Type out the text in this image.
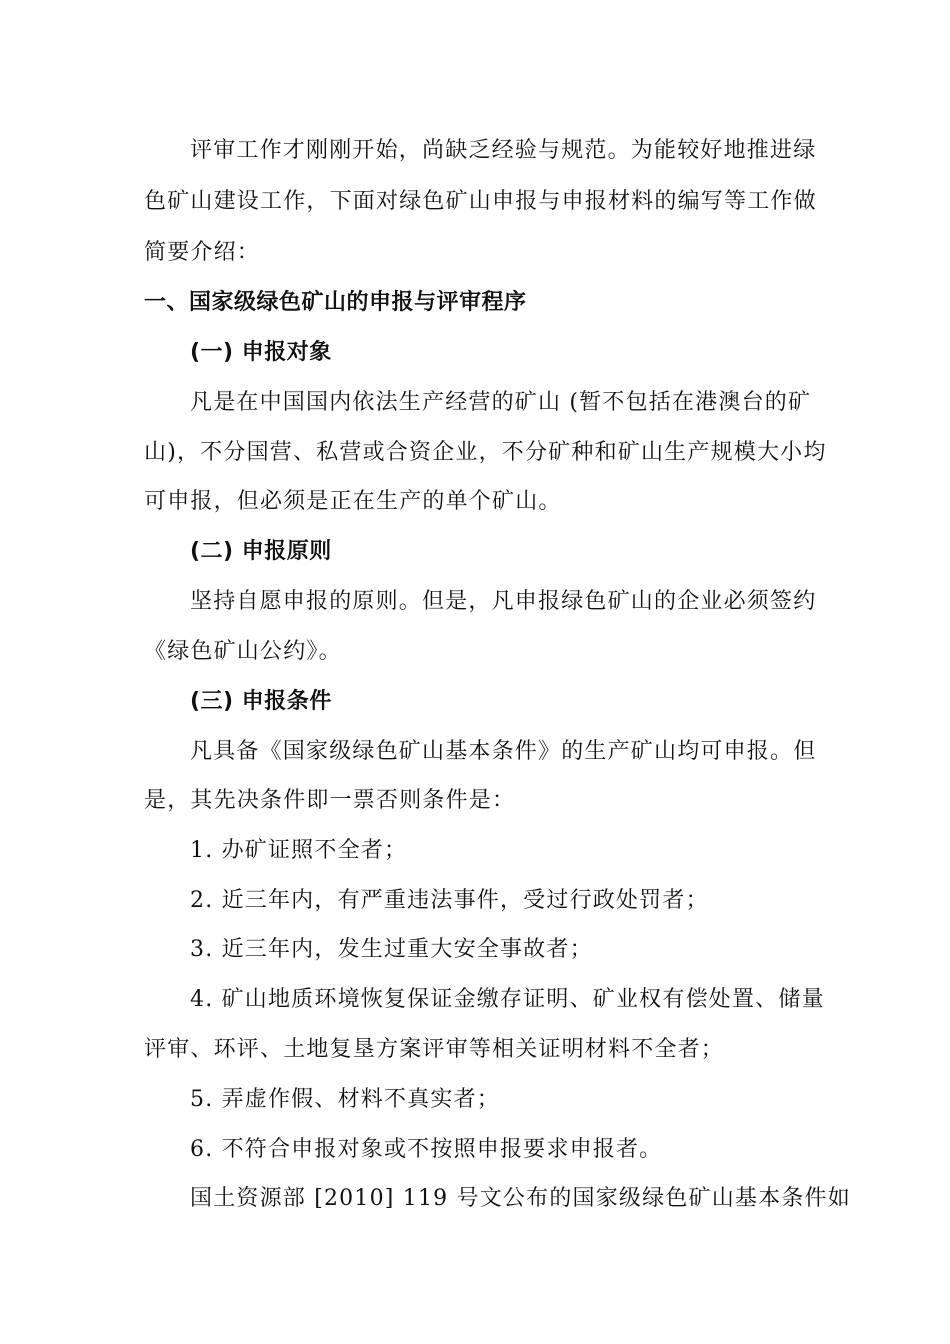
评审工作才刚刚开始，尚缺乏经验与规范。为能较好地推进绿
色矿山建设工作，下面对绿色矿山申报与申报材料的编写等工作做
简要介绍：
一、国家级绿色矿山的申报与评审程序
(一) 申报对象
凡是在中国国内依法生产经营的矿山 (暂不包括在港澳台的矿
山)，不分国营、私营或合资企业，不分矿种和矿山生产规模大小均
可申报，但必须是正在生产的单个矿山。
(二) 申报原则
坚持自愿申报的原则。但是，凡申报绿色矿山的企业必须签约
《绿色矿山公约》。
(三) 申报条件
凡具备《国家级绿色矿山基本条件》的生产矿山均可申报。但
是，其先决条件即一票否则条件是：
1. 办矿证照不全者；
2. 近三年内，有严重违法事件，受过行政处罚者；
3. 近三年内，发生过重大安全事故者；
4. 矿山地质环境恢复保证金缴存证明、矿业权有偿处置、储量
评审、环评、土地复垦方案评审等相关证明材料不全者；
5. 弄虚作假、材料不真实者；
6. 不符合申报对象或不按照申报要求申报者。
国土资源部 [2010] 119 号文公布的国家级绿色矿山基本条件如
